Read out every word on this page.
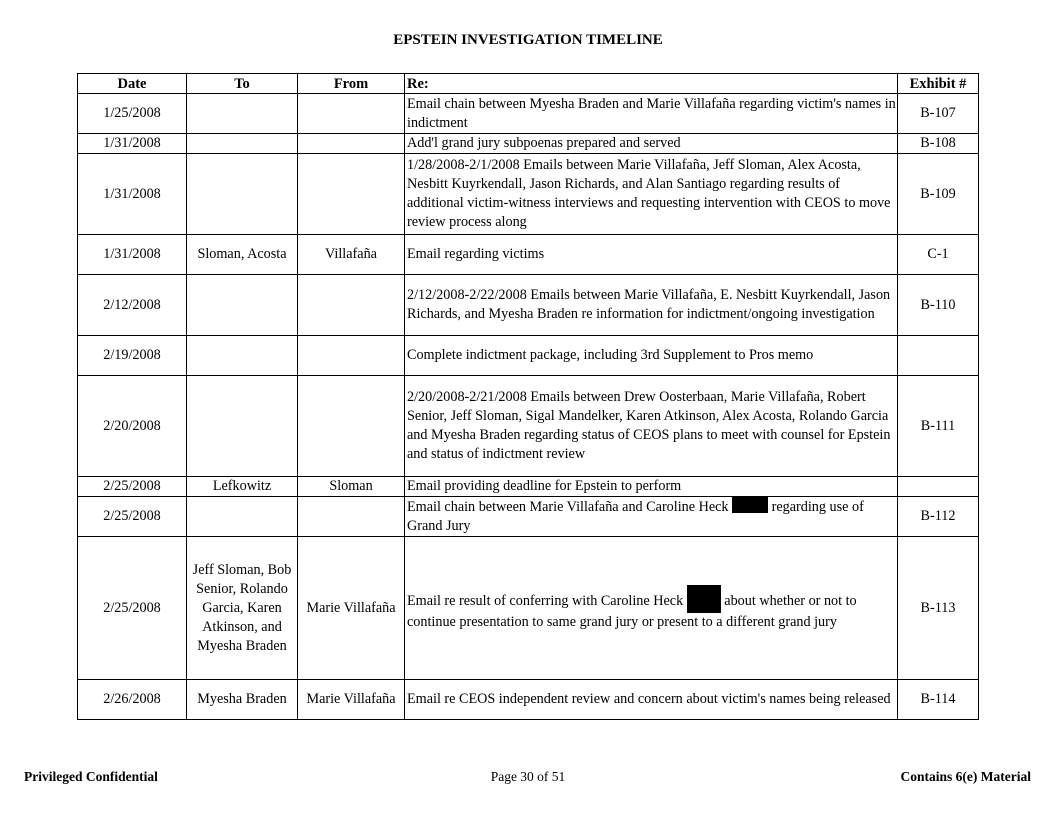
EPSTEIN INVESTIGATION TIMELINE
Date	To	From	Re:	Exhibit #
1/25/2008			Email chain between Myesha Braden and Marie Villafaña regarding victim's names in indictment	B-107
1/31/2008			Add'l grand jury subpoenas prepared and served	B-108
1/31/2008			1/28/2008-2/1/2008 Emails between Marie Villafaña, Jeff Sloman, Alex Acosta, Nesbitt Kuyrkendall, Jason Richards, and Alan Santiago regarding results of additional victim-witness interviews and requesting intervention with CEOS to move review process along	B-109
1/31/2008	Sloman, Acosta	Villafaña	Email regarding victims	C-1
2/12/2008			2/12/2008-2/22/2008 Emails between Marie Villafaña, E. Nesbitt Kuyrkendall, Jason Richards, and Myesha Braden re information for indictment/ongoing investigation	B-110
2/19/2008			Complete indictment package, including 3rd Supplement to Pros memo	
2/20/2008			2/20/2008-2/21/2008 Emails between Drew Oosterbaan, Marie Villafaña, Robert Senior, Jeff Sloman, Sigal Mandelker, Karen Atkinson, Alex Acosta, Rolando Garcia and Myesha Braden regarding status of CEOS plans to meet with counsel for Epstein and status of indictment review	B-111
2/25/2008	Lefkowitz	Sloman	Email providing deadline for Epstein to perform	
2/25/2008			Email chain between Marie Villafaña and Caroline Heck regarding use of Grand Jury	B-112
2/25/2008	Jeff Sloman, Bob Senior, Rolando Garcia, Karen Atkinson, and Myesha Braden	Marie Villafaña	Email re result of conferring with Caroline Heck about whether or not to continue presentation to same grand jury or present to a different grand jury	B-113
2/26/2008	Myesha Braden	Marie Villafaña	Email re CEOS independent review and concern about victim's names being released	B-114
Privileged Confidential	Page 30 of 51	Contains 6(e) Material
